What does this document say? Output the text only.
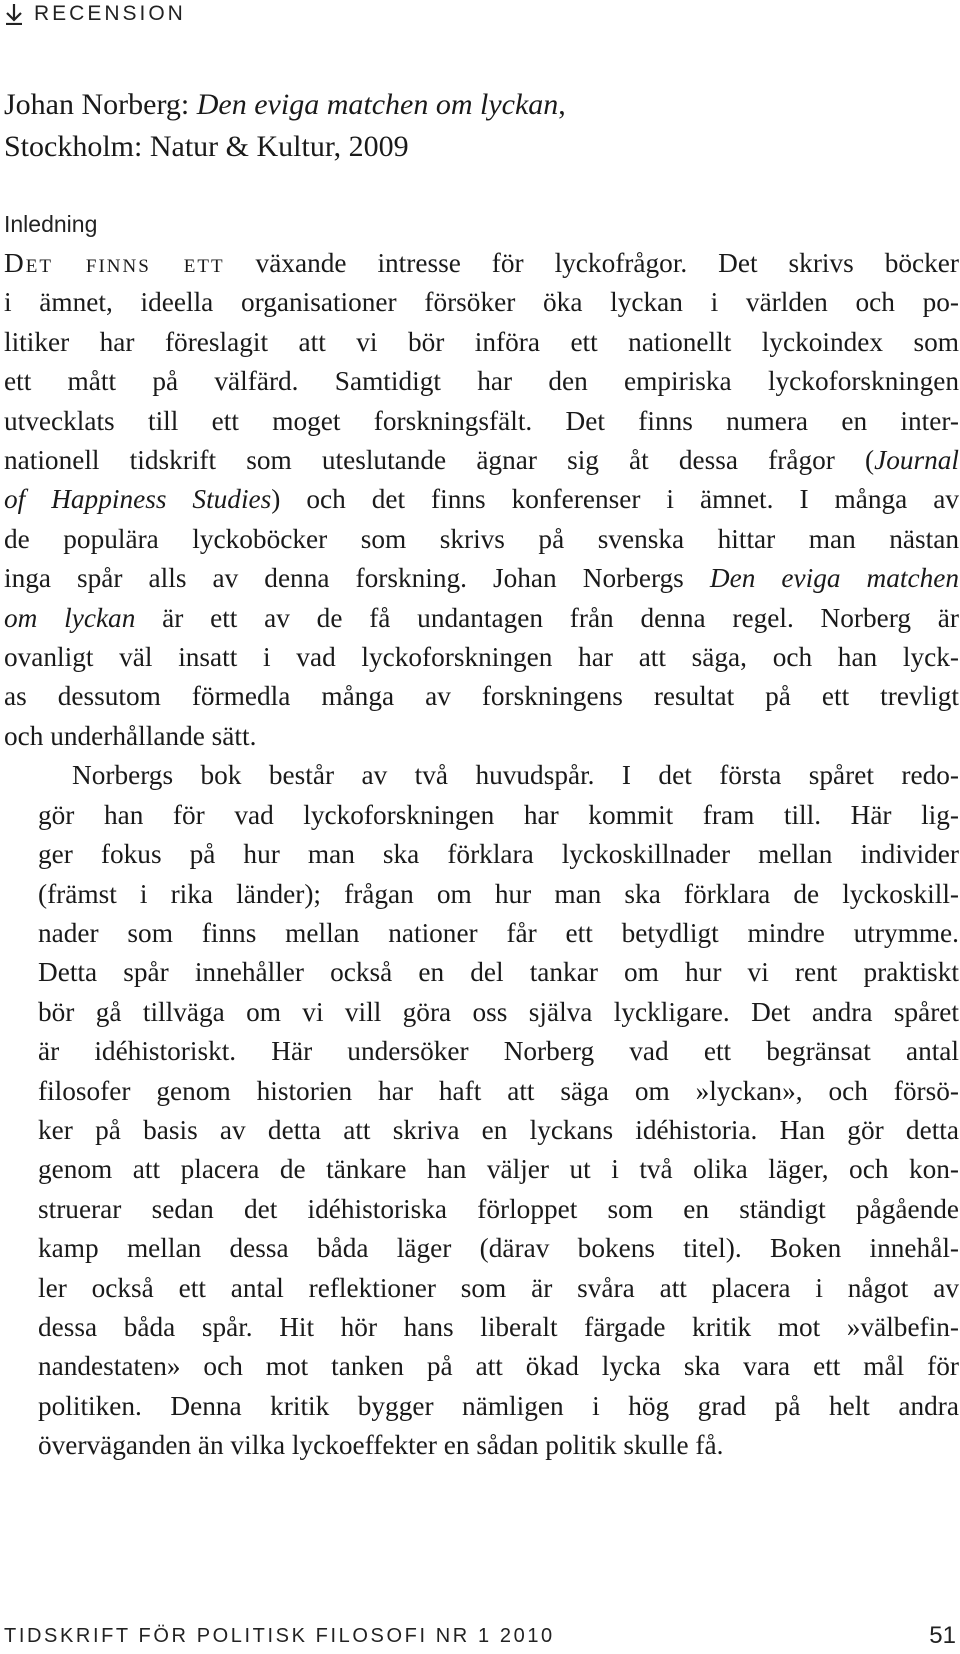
RECENSION
Johan Norberg: Den eviga matchen om lyckan,
Stockholm: Natur & Kultur, 2009
Inledning

Det finns ett växande intresse för lyckofrågor. Det skrivs böcker
i ämnet, ideella organisationer försöker öka lyckan i världen och po-
litiker har föreslagit att vi bör införa ett nationellt lyckoindex som
ett mått på välfärd. Samtidigt har den empiriska lyckoforskningen
utvecklats till ett moget forskningsfält. Det finns numera en inter-
nationell tidskrift som uteslutande ägnar sig åt dessa frågor (Journal
of Happiness Studies) och det finns konferenser i ämnet. I många av
de populära lyckoböcker som skrivs på svenska hittar man nästan
inga spår alls av denna forskning. Johan Norbergs Den eviga matchen
om lyckan är ett av de få undantagen från denna regel. Norberg är
ovanligt väl insatt i vad lyckoforskningen har att säga, och han lyck-
as dessutom förmedla många av forskningens resultat på ett trevligt
och underhållande sätt.

Norbergs bok består av två huvudspår. I det första spåret redo-
gör han för vad lyckoforskningen har kommit fram till. Här lig-
ger fokus på hur man ska förklara lyckoskillnader mellan individer
(främst i rika länder); frågan om hur man ska förklara de lyckoskill-
nader som finns mellan nationer får ett betydligt mindre utrymme.
Detta spår innehåller också en del tankar om hur vi rent praktiskt
bör gå tillväga om vi vill göra oss själva lyckligare. Det andra spåret
är idéhistoriskt. Här undersöker Norberg vad ett begränsat antal
filosofer genom historien har haft att säga om »lyckan», och försö-
ker på basis av detta att skriva en lyckans idéhistoria. Han gör detta
genom att placera de tänkare han väljer ut i två olika läger, och kon-
struerar sedan det idéhistoriska förloppet som en ständigt pågående
kamp mellan dessa båda läger (därav bokens titel). Boken innehål-
ler också ett antal reflektioner som är svåra att placera i något av
dessa båda spår. Hit hör hans liberalt färgade kritik mot »välbefin-
nandestaten» och mot tanken på att ökad lycka ska vara ett mål för
politiken. Denna kritik bygger nämligen i hög grad på helt andra
överväganden än vilka lyckoeffekter en sådan politik skulle få.

TIDSKRIFT FÖR POLITISK FILOSOFI NR 1 2010	51
